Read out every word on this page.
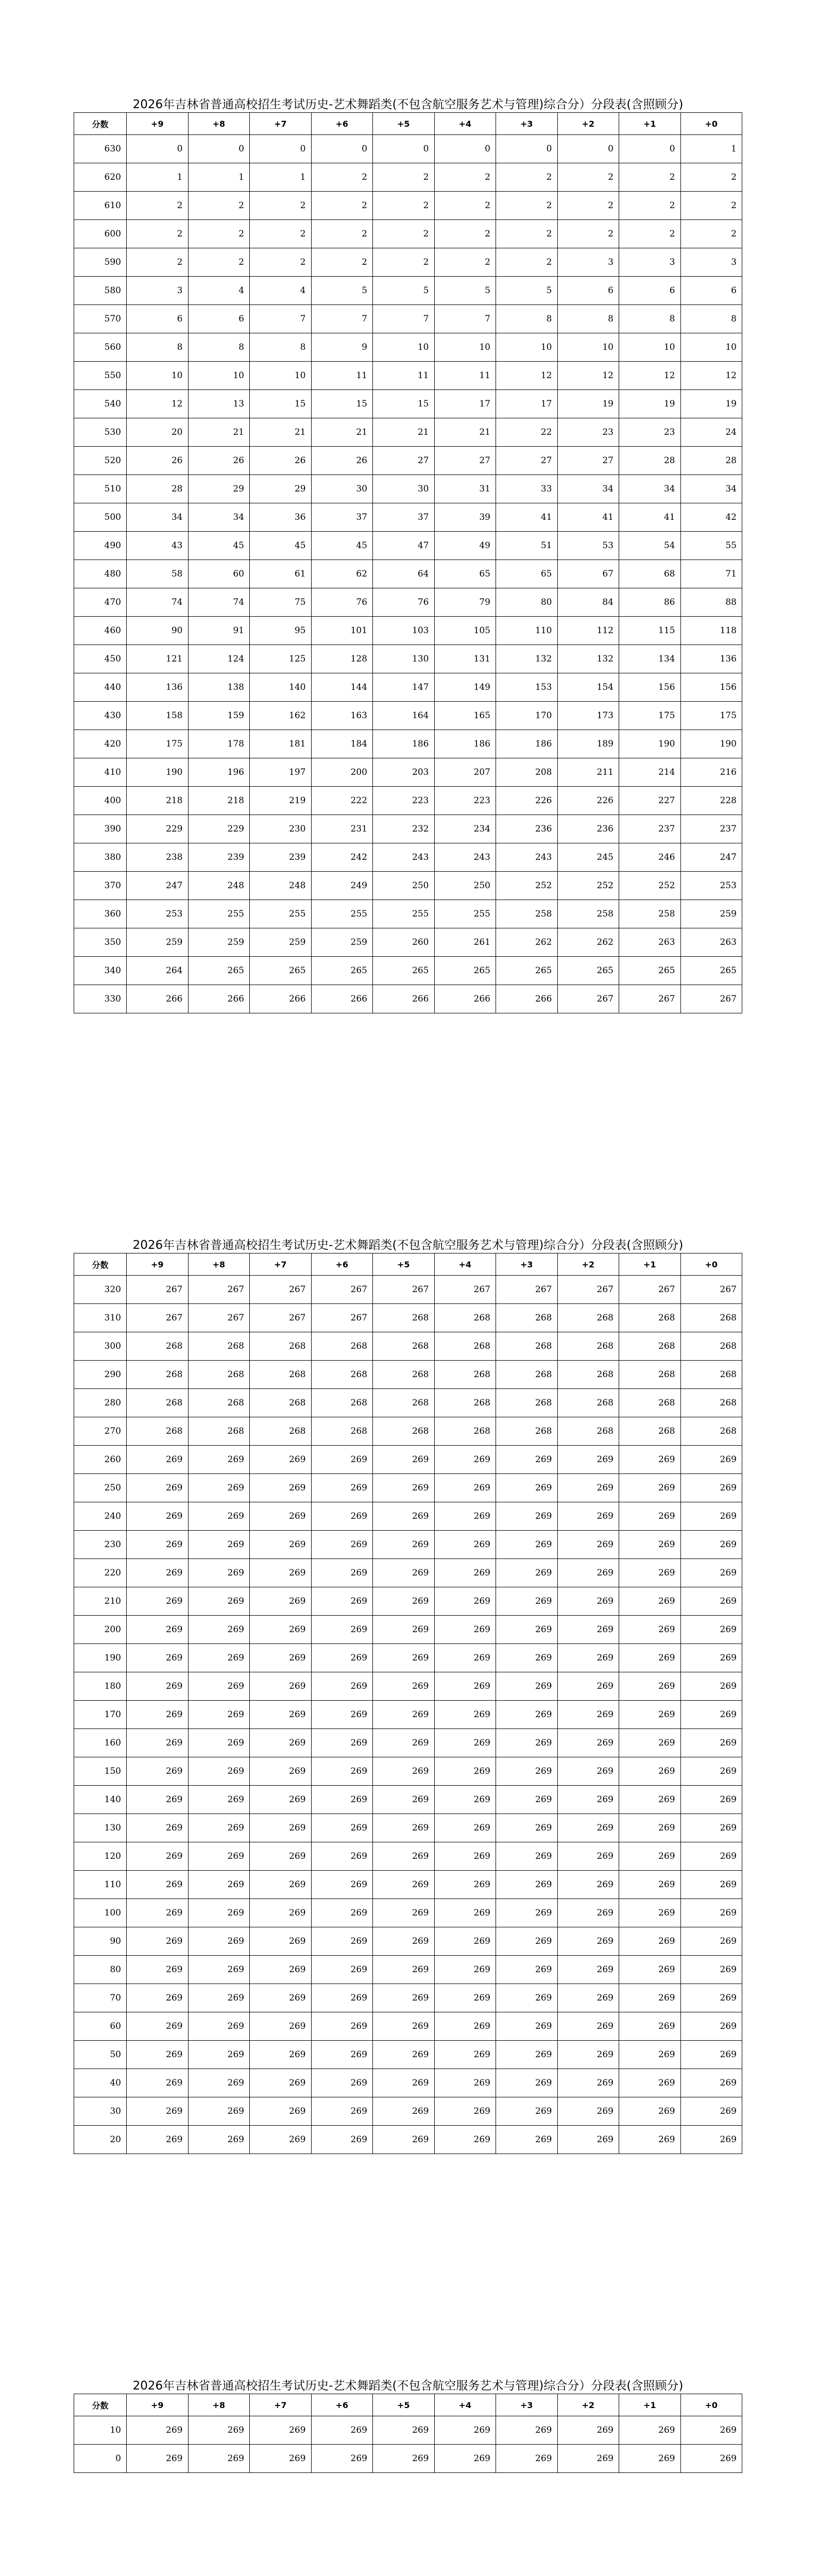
2026年吉林省普通高校招生考试历史-艺术舞蹈类(不包含航空服务艺术与管理)综合分）分段表(含照顾分)
分数	+9	+8	+7	+6	+5	+4	+3	+2	+1	+0
630	0	0	0	0	0	0	0	0	0	1
620	1	1	1	2	2	2	2	2	2	2
610	2	2	2	2	2	2	2	2	2	2
600	2	2	2	2	2	2	2	2	2	2
590	2	2	2	2	2	2	2	3	3	3
580	3	4	4	5	5	5	5	6	6	6
570	6	6	7	7	7	7	8	8	8	8
560	8	8	8	9	10	10	10	10	10	10
550	10	10	10	11	11	11	12	12	12	12
540	12	13	15	15	15	17	17	19	19	19
530	20	21	21	21	21	21	22	23	23	24
520	26	26	26	26	27	27	27	27	28	28
510	28	29	29	30	30	31	33	34	34	34
500	34	34	36	37	37	39	41	41	41	42
490	43	45	45	45	47	49	51	53	54	55
480	58	60	61	62	64	65	65	67	68	71
470	74	74	75	76	76	79	80	84	86	88
460	90	91	95	101	103	105	110	112	115	118
450	121	124	125	128	130	131	132	132	134	136
440	136	138	140	144	147	149	153	154	156	156
430	158	159	162	163	164	165	170	173	175	175
420	175	178	181	184	186	186	186	189	190	190
410	190	196	197	200	203	207	208	211	214	216
400	218	218	219	222	223	223	226	226	227	228
390	229	229	230	231	232	234	236	236	237	237
380	238	239	239	242	243	243	243	245	246	247
370	247	248	248	249	250	250	252	252	252	253
360	253	255	255	255	255	255	258	258	258	259
350	259	259	259	259	260	261	262	262	263	263
340	264	265	265	265	265	265	265	265	265	265
330	266	266	266	266	266	266	266	267	267	267
2026年吉林省普通高校招生考试历史-艺术舞蹈类(不包含航空服务艺术与管理)综合分）分段表(含照顾分)
分数	+9	+8	+7	+6	+5	+4	+3	+2	+1	+0
320	267	267	267	267	267	267	267	267	267	267
310	267	267	267	267	268	268	268	268	268	268
300	268	268	268	268	268	268	268	268	268	268
290	268	268	268	268	268	268	268	268	268	268
280	268	268	268	268	268	268	268	268	268	268
270	268	268	268	268	268	268	268	268	268	268
260	269	269	269	269	269	269	269	269	269	269
250	269	269	269	269	269	269	269	269	269	269
240	269	269	269	269	269	269	269	269	269	269
230	269	269	269	269	269	269	269	269	269	269
220	269	269	269	269	269	269	269	269	269	269
210	269	269	269	269	269	269	269	269	269	269
200	269	269	269	269	269	269	269	269	269	269
190	269	269	269	269	269	269	269	269	269	269
180	269	269	269	269	269	269	269	269	269	269
170	269	269	269	269	269	269	269	269	269	269
160	269	269	269	269	269	269	269	269	269	269
150	269	269	269	269	269	269	269	269	269	269
140	269	269	269	269	269	269	269	269	269	269
130	269	269	269	269	269	269	269	269	269	269
120	269	269	269	269	269	269	269	269	269	269
110	269	269	269	269	269	269	269	269	269	269
100	269	269	269	269	269	269	269	269	269	269
90	269	269	269	269	269	269	269	269	269	269
80	269	269	269	269	269	269	269	269	269	269
70	269	269	269	269	269	269	269	269	269	269
60	269	269	269	269	269	269	269	269	269	269
50	269	269	269	269	269	269	269	269	269	269
40	269	269	269	269	269	269	269	269	269	269
30	269	269	269	269	269	269	269	269	269	269
20	269	269	269	269	269	269	269	269	269	269
2026年吉林省普通高校招生考试历史-艺术舞蹈类(不包含航空服务艺术与管理)综合分）分段表(含照顾分)
分数	+9	+8	+7	+6	+5	+4	+3	+2	+1	+0
10	269	269	269	269	269	269	269	269	269	269
0	269	269	269	269	269	269	269	269	269	269
